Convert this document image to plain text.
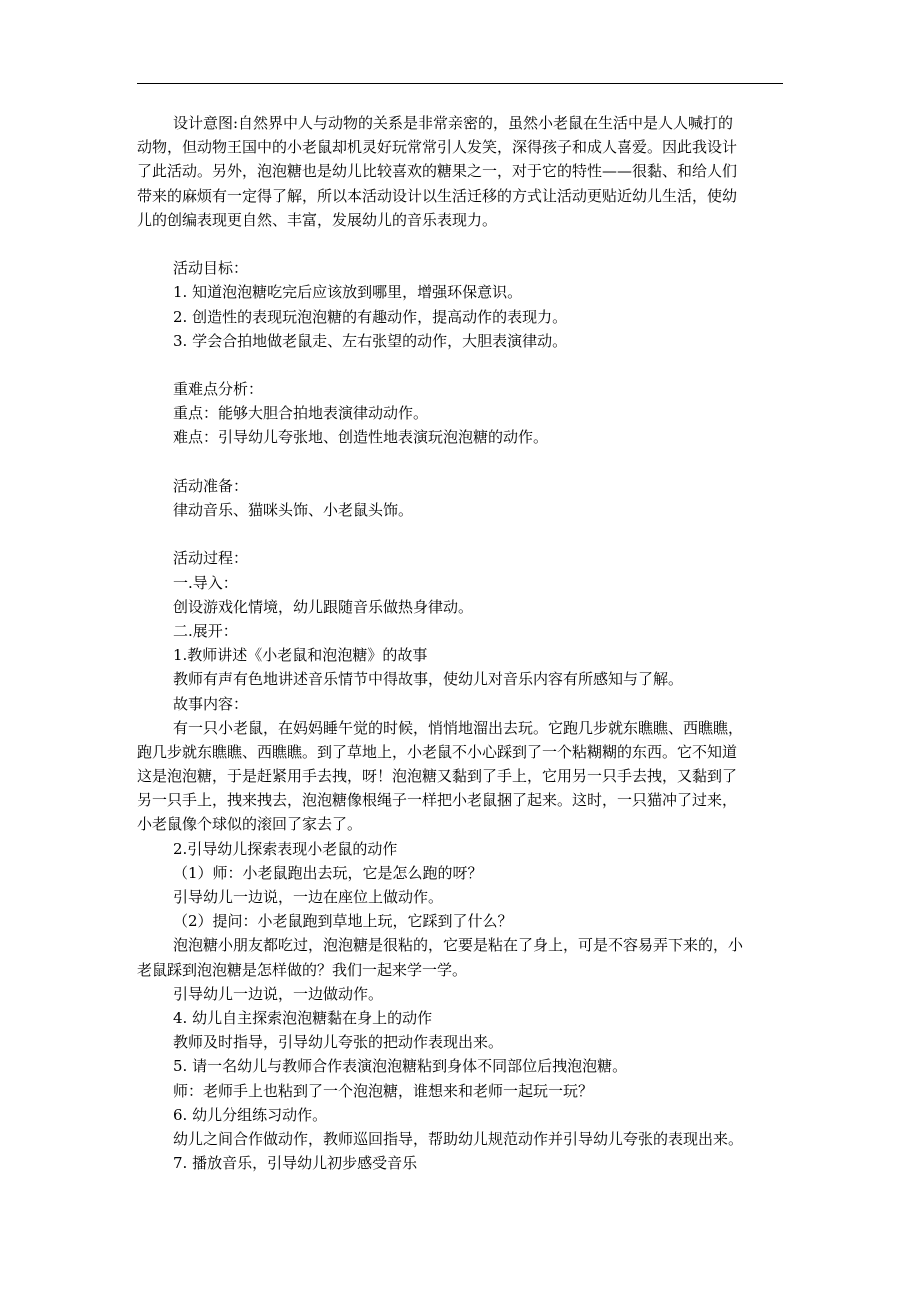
设计意图:自然界中人与动物的关系是非常亲密的，虽然小老鼠在生活中是人人喊打的
动物，但动物王国中的小老鼠却机灵好玩常常引人发笑，深得孩子和成人喜爱。因此我设计
了此活动。另外，泡泡糖也是幼儿比较喜欢的糖果之一，对于它的特性——很黏、和给人们
带来的麻烦有一定得了解，所以本活动设计以生活迁移的方式让活动更贴近幼儿生活，使幼
儿的创编表现更自然、丰富，发展幼儿的音乐表现力。
活动目标：
1. 知道泡泡糖吃完后应该放到哪里，增强环保意识。
2. 创造性的表现玩泡泡糖的有趣动作，提高动作的表现力。
3. 学会合拍地做老鼠走、左右张望的动作，大胆表演律动。
重难点分析：
重点：能够大胆合拍地表演律动动作。
难点：引导幼儿夸张地、创造性地表演玩泡泡糖的动作。
活动准备：
律动音乐、猫咪头饰、小老鼠头饰。
活动过程：
一.导入：
创设游戏化情境，幼儿跟随音乐做热身律动。
二.展开：
1.教师讲述《小老鼠和泡泡糖》的故事
教师有声有色地讲述音乐情节中得故事，使幼儿对音乐内容有所感知与了解。
故事内容：
有一只小老鼠，在妈妈睡午觉的时候，悄悄地溜出去玩。它跑几步就东瞧瞧、西瞧瞧，
跑几步就东瞧瞧、西瞧瞧。到了草地上，小老鼠不小心踩到了一个粘糊糊的东西。它不知道
这是泡泡糖，于是赶紧用手去拽，呀！泡泡糖又黏到了手上，它用另一只手去拽，又黏到了
另一只手上，拽来拽去，泡泡糖像根绳子一样把小老鼠捆了起来。这时，一只猫冲了过来，
小老鼠像个球似的滚回了家去了。
2.引导幼儿探索表现小老鼠的动作
（1）师：小老鼠跑出去玩，它是怎么跑的呀？
引导幼儿一边说，一边在座位上做动作。
（2）提问：小老鼠跑到草地上玩，它踩到了什么？
泡泡糖小朋友都吃过，泡泡糖是很粘的，它要是粘在了身上，可是不容易弄下来的，小
老鼠踩到泡泡糖是怎样做的？我们一起来学一学。
引导幼儿一边说，一边做动作。
4. 幼儿自主探索泡泡糖黏在身上的动作
教师及时指导，引导幼儿夸张的把动作表现出来。
5. 请一名幼儿与教师合作表演泡泡糖粘到身体不同部位后拽泡泡糖。
师：老师手上也粘到了一个泡泡糖，谁想来和老师一起玩一玩？
6. 幼儿分组练习动作。
幼儿之间合作做动作，教师巡回指导，帮助幼儿规范动作并引导幼儿夸张的表现出来。
7. 播放音乐，引导幼儿初步感受音乐
